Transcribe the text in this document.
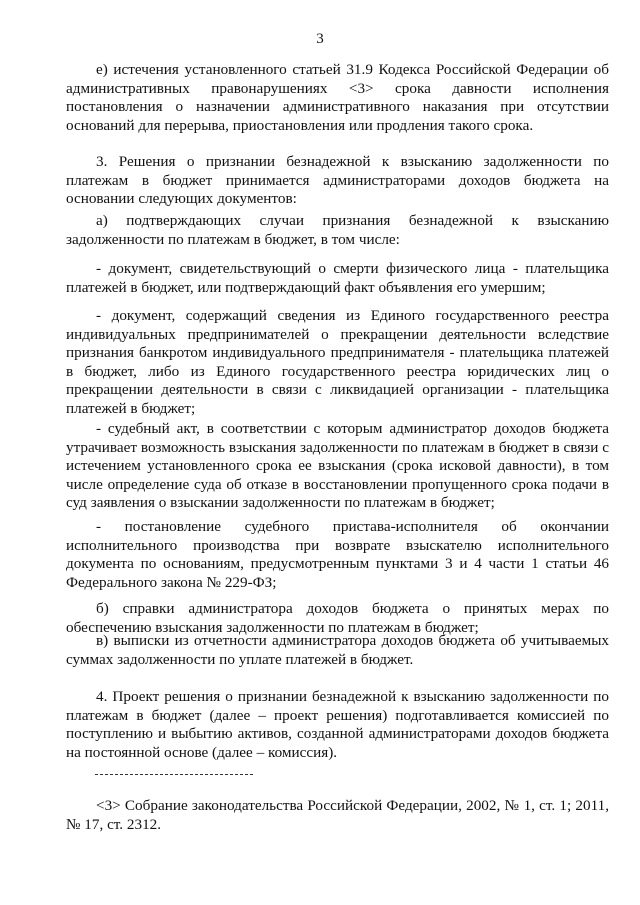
3

е) истечения установленного статьей 31.9 Кодекса Российской Федерации об административных правонарушениях <3> срока давности исполнения постановления о назначении административного наказания при отсутствии оснований для перерыва, приостановления или продления такого срока.

3. Решения о признании безнадежной к взысканию задолженности по платежам в бюджет принимается администраторами доходов бюджета на основании следующих документов:

а) подтверждающих случаи признания безнадежной к взысканию задолженности по платежам в бюджет, в том числе:

- документ, свидетельствующий о смерти физического лица - плательщика платежей в бюджет, или подтверждающий факт объявления его умершим;

- документ, содержащий сведения из Единого государственного реестра индивидуальных предпринимателей о прекращении деятельности вследствие признания банкротом индивидуального предпринимателя - плательщика платежей в бюджет, либо из Единого государственного реестра юридических лиц о прекращении деятельности в связи с ликвидацией организации - плательщика платежей в бюджет;

- судебный акт, в соответствии с которым администратор доходов бюджета утрачивает возможность взыскания задолженности по платежам в бюджет в связи с истечением установленного срока ее взыскания (срока исковой давности), в том числе определение суда об отказе в восстановлении пропущенного срока подачи в суд заявления о взыскании задолженности по платежам в бюджет;

- постановление судебного пристава-исполнителя об окончании исполнительного производства при возврате взыскателю исполнительного документа по основаниям, предусмотренным пунктами 3 и 4 части 1 статьи 46 Федерального закона № 229-ФЗ;

б) справки администратора доходов бюджета о принятых мерах по обеспечению взыскания задолженности по платежам в бюджет;

в) выписки из отчетности администратора доходов бюджета об учитываемых суммах задолженности по уплате платежей в бюджет.

4. Проект решения о признании безнадежной к взысканию задолженности по платежам в бюджет (далее – проект решения) подготавливается комиссией по поступлению и выбытию активов, созданной администраторами доходов бюджета на постоянной основе (далее – комиссия).

<3> Собрание законодательства Российской Федерации, 2002, № 1, ст. 1; 2011, № 17, ст. 2312.
